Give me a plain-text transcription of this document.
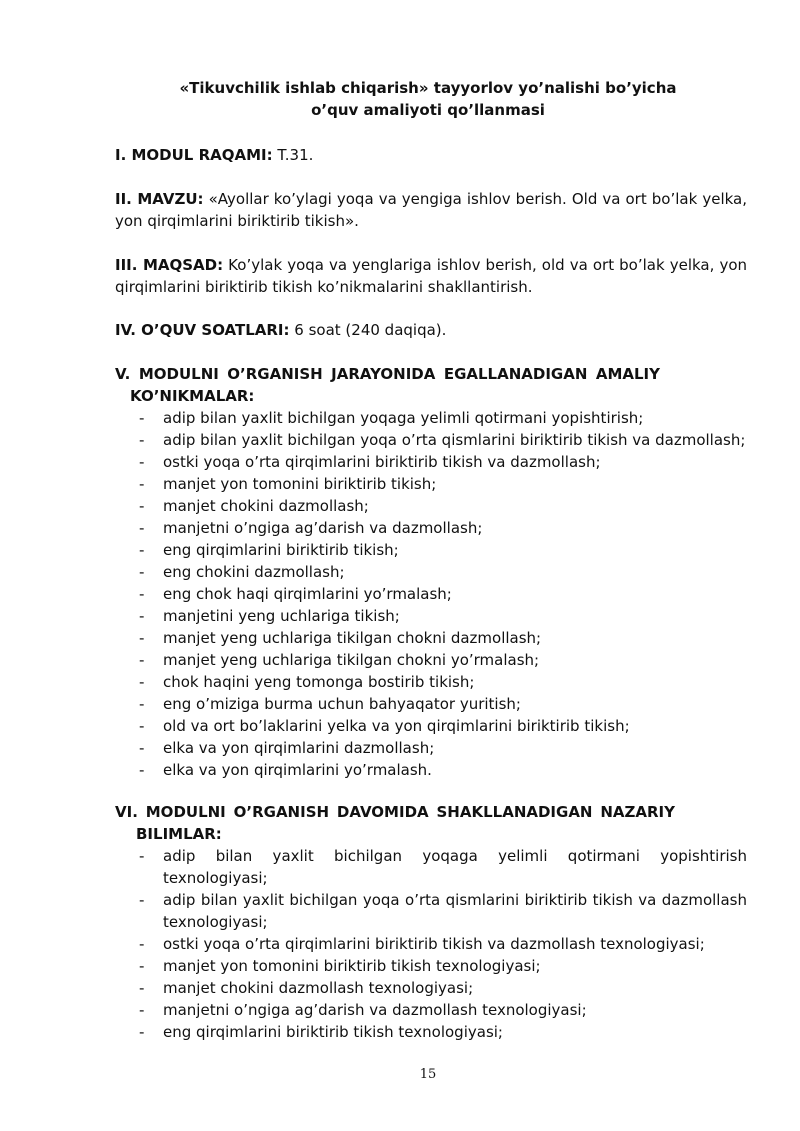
«Tikuvchilik ishlab chiqarish» tayyorlov yo’nalishi bo’yicha
o’quv amaliyoti qo’llanmasi
I. MODUL RAQAMI: T.31.
II. MAVZU: «Ayollar ko’ylagi yoqa va yengiga ishlov berish. Old va ort bo’lak yelka, yon qirqimlarini biriktirib tikish».
III. MAQSAD: Ko’ylak yoqa va yenglariga ishlov berish, old va ort bo’lak yelka, yon qirqimlarini biriktirib tikish ko’nikmalarini shakllantirish.
IV. O’QUV SOATLARI: 6 soat (240 daqiqa).
V. MODULNI O’RGANISH JARAYONIDA EGALLANADIGAN AMALIY
KO’NIKMALAR:
- adip bilan yaxlit bichilgan yoqaga yelimli qotirmani yopishtirish;
- adip bilan yaxlit bichilgan yoqa o’rta qismlarini biriktirib tikish va dazmollash;
- ostki yoqa o’rta qirqimlarini biriktirib tikish va dazmollash;
- manjet yon tomonini biriktirib tikish;
- manjet chokini dazmollash;
- manjetni o’ngiga ag’darish va dazmollash;
- eng qirqimlarini biriktirib tikish;
- eng chokini dazmollash;
- eng chok haqi qirqimlarini yo’rmalash;
- manjetini yeng uchlariga tikish;
- manjet yeng uchlariga tikilgan chokni dazmollash;
- manjet yeng uchlariga tikilgan chokni yo’rmalash;
- chok haqini yeng tomonga bostirib tikish;
- eng o’miziga burma uchun bahyaqator yuritish;
- old va ort bo’laklarini yelka va yon qirqimlarini biriktirib tikish;
- elka va yon qirqimlarini dazmollash;
- elka va yon qirqimlarini yo’rmalash.
VI. MODULNI O’RGANISH DAVOMIDA SHAKLLANADIGAN NAZARIY
BILIMLAR:
- adip bilan yaxlit bichilgan yoqaga yelimli qotirmani yopishtirish texnologiyasi;
- adip bilan yaxlit bichilgan yoqa o’rta qismlarini biriktirib tikish va dazmollash texnologiyasi;
- ostki yoqa o’rta qirqimlarini biriktirib tikish va dazmollash texnologiyasi;
- manjet yon tomonini biriktirib tikish texnologiyasi;
- manjet chokini dazmollash texnologiyasi;
- manjetni o’ngiga ag’darish va dazmollash texnologiyasi;
- eng qirqimlarini biriktirib tikish texnologiyasi;
15
